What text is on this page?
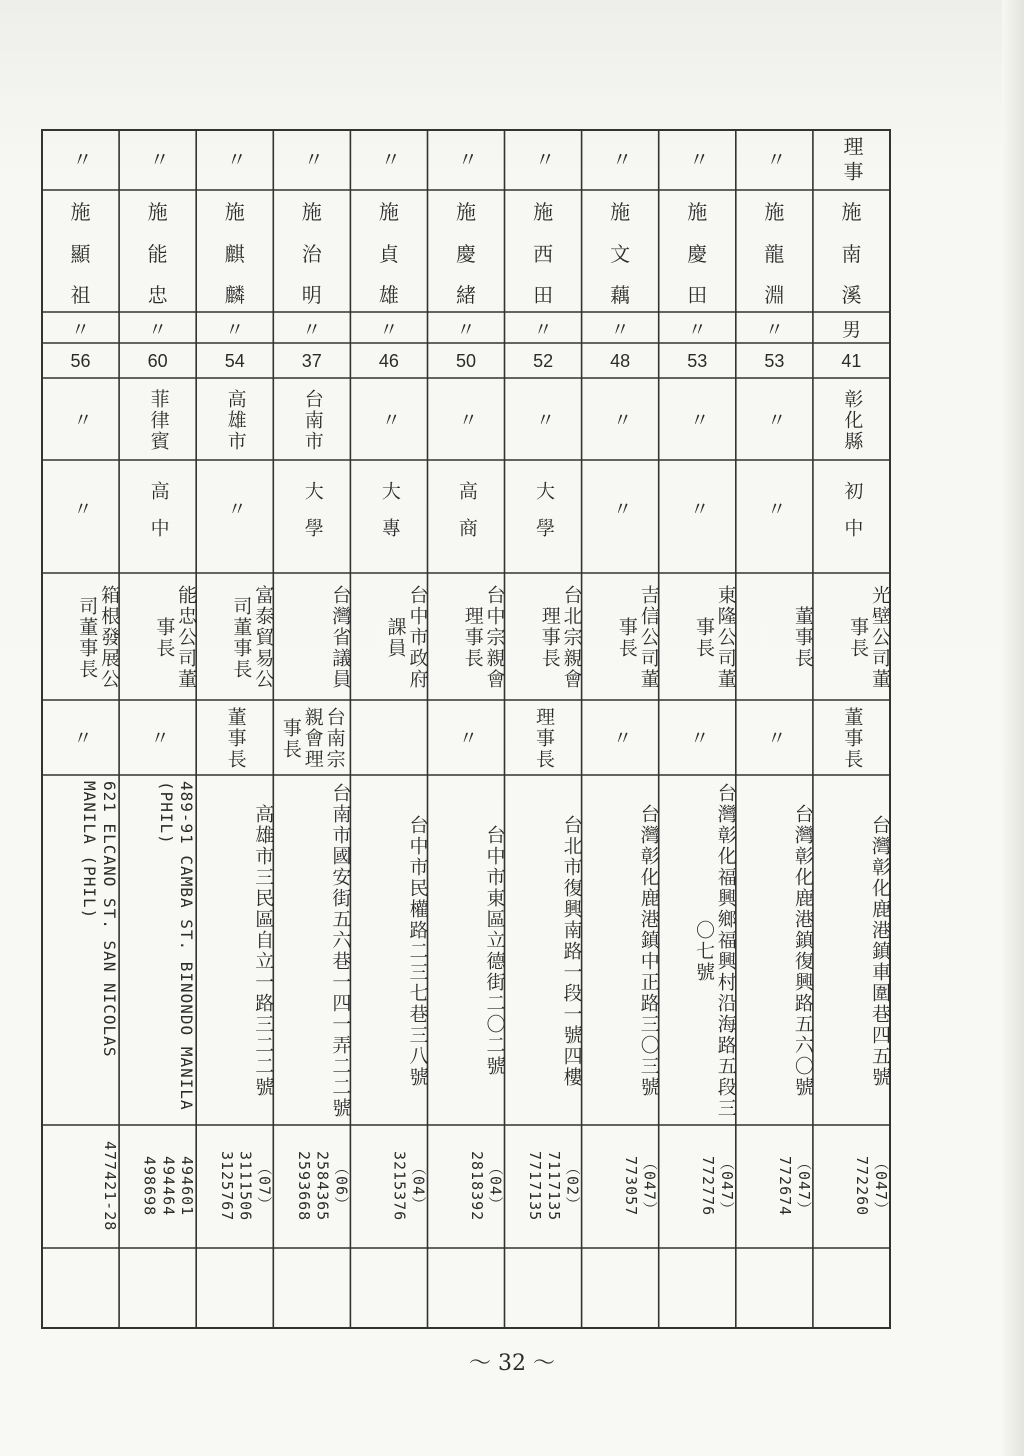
理事
施
南
溪
男
41
彰化縣
初中
光壁公司董事長
董事長
台灣彰化鹿港鎮車圍巷四五號
（047）
772260
〃
施
龍
淵
〃
53
〃
〃
董事長
〃
台灣彰化鹿港鎮復興路五六〇號
（047）
772674
〃
施
慶
田
〃
53
〃
〃
東隆公司董事長
〃
台灣彰化福興鄉福興村沿海路五段三〇七號
（047）
772776
〃
施
文
藕
〃
48
〃
〃
吉信公司董事長
〃
台灣彰化鹿港鎮中正路三〇三號
（047）
773057
〃
施
西
田
〃
52
〃
大學
台北宗親會理事長
理事長
台北市復興南路一段一號四樓
（02）
7117135
7717135
〃
施
慶
緒
〃
50
〃
高商
台中宗親會理事長
〃
台中市東區立德街二〇二號
（04）
2818392
〃
施
貞
雄
〃
46
〃
大專
台中市政府課員
台中市民權路二三七巷三八號
（04）
3215376
〃
施
治
明
〃
37
台南市
大學
台灣省議員
台南宗親會理事長
台南市國安街五六巷一四一弄二二號
（06）
2584365
2593668
〃
施
麒
麟
〃
54
高雄市
〃
富泰貿易公司董事長
董事長
高雄市三民區自立一路三二二號
（07）
3111506
3125767
〃
施
能
忠
〃
60
菲律賓
高中
能忠公司董事長
〃
489-91 CAMBA ST. BINONDO MANILA (PHIL)
494601
494464
498698
〃
施
顯
祖
〃
56
〃
〃
箱根發展公司董事長
〃
621 ELCANO ST. SAN NICOLAS MANILA (PHIL)
477421-28
～ 32 ～
